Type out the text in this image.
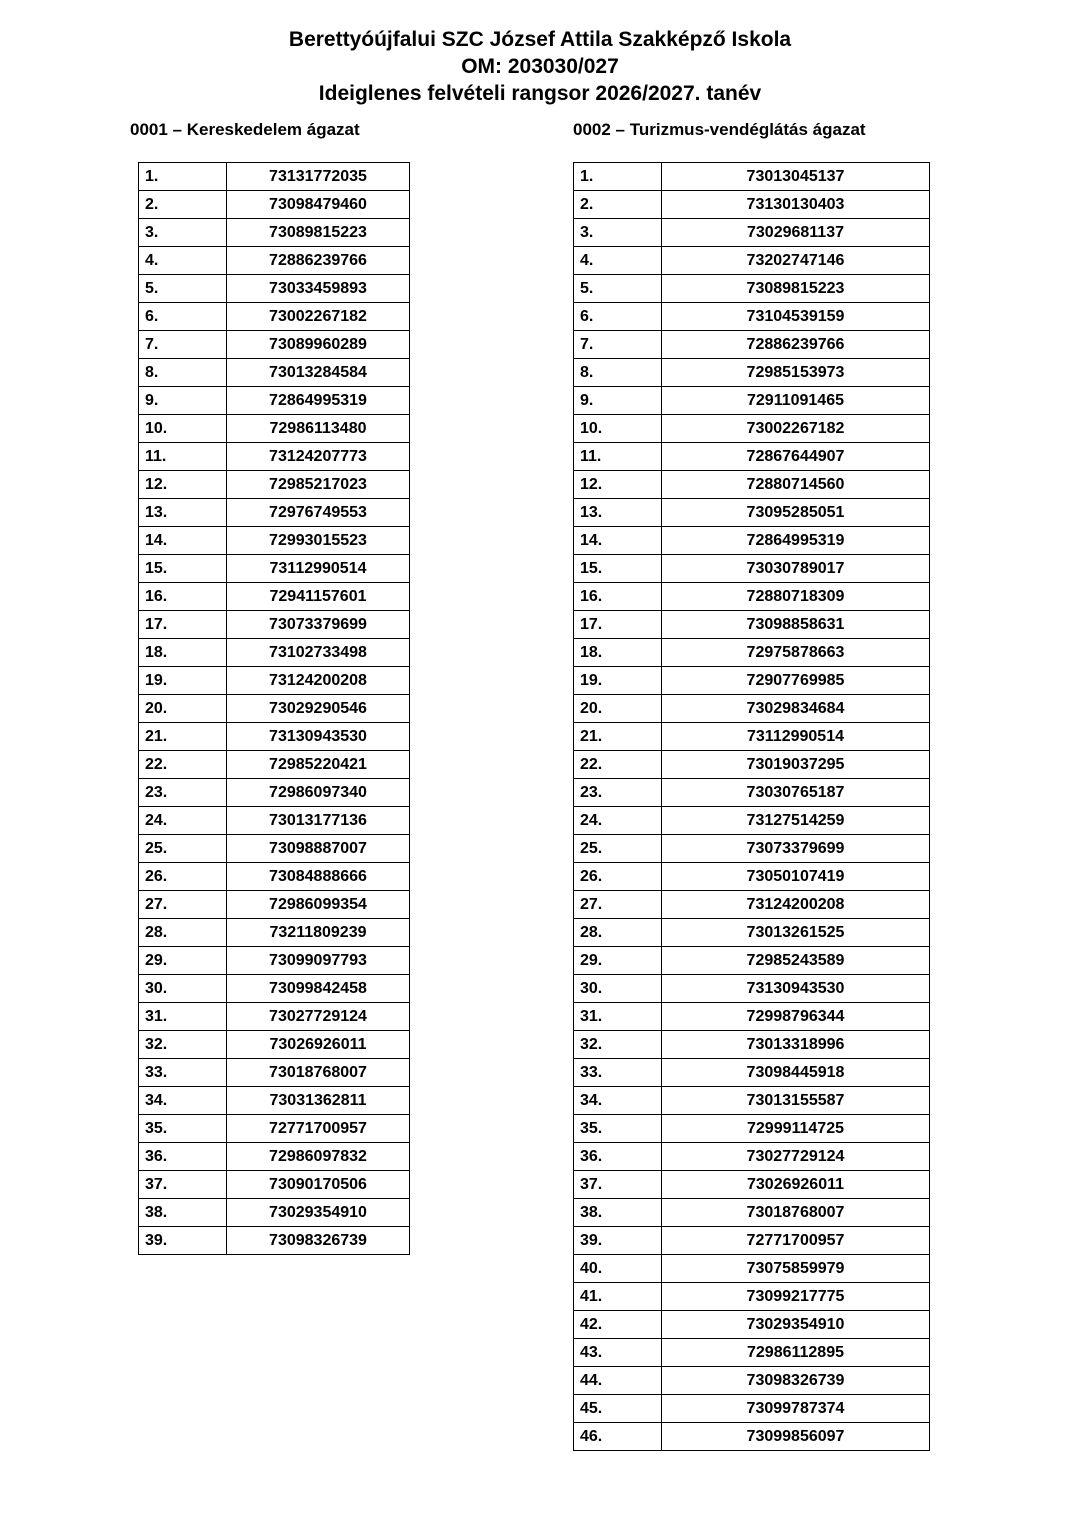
Berettyóújfalui SZC József Attila Szakképző Iskola
OM: 203030/027
Ideiglenes felvételi rangsor 2026/2027. tanév
0001 – Kereskedelem ágazat	0002 – Turizmus-vendéglátás ágazat
1.	73131772035
2.	73098479460
3.	73089815223
4.	72886239766
5.	73033459893
6.	73002267182
7.	73089960289
8.	73013284584
9.	72864995319
10.	72986113480
11.	73124207773
12.	72985217023
13.	72976749553
14.	72993015523
15.	73112990514
16.	72941157601
17.	73073379699
18.	73102733498
19.	73124200208
20.	73029290546
21.	73130943530
22.	72985220421
23.	72986097340
24.	73013177136
25.	73098887007
26.	73084888666
27.	72986099354
28.	73211809239
29.	73099097793
30.	73099842458
31.	73027729124
32.	73026926011
33.	73018768007
34.	73031362811
35.	72771700957
36.	72986097832
37.	73090170506
38.	73029354910
39.	73098326739
1.	73013045137
2.	73130130403
3.	73029681137
4.	73202747146
5.	73089815223
6.	73104539159
7.	72886239766
8.	72985153973
9.	72911091465
10.	73002267182
11.	72867644907
12.	72880714560
13.	73095285051
14.	72864995319
15.	73030789017
16.	72880718309
17.	73098858631
18.	72975878663
19.	72907769985
20.	73029834684
21.	73112990514
22.	73019037295
23.	73030765187
24.	73127514259
25.	73073379699
26.	73050107419
27.	73124200208
28.	73013261525
29.	72985243589
30.	73130943530
31.	72998796344
32.	73013318996
33.	73098445918
34.	73013155587
35.	72999114725
36.	73027729124
37.	73026926011
38.	73018768007
39.	72771700957
40.	73075859979
41.	73099217775
42.	73029354910
43.	72986112895
44.	73098326739
45.	73099787374
46.	73099856097
